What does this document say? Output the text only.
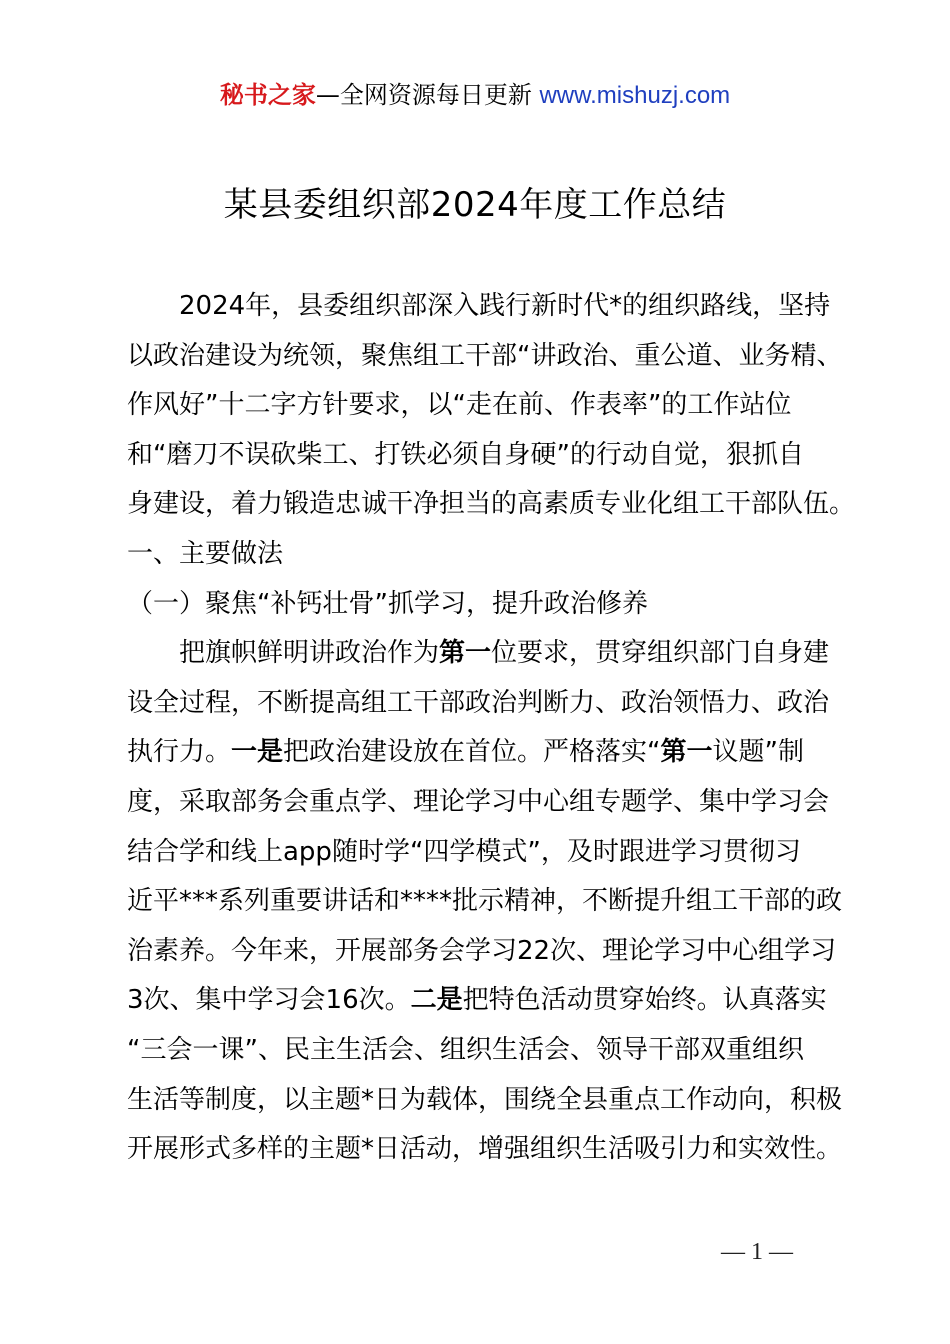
秘书之家—全网资源每日更新 www.mishuzj.com
某县委组织部2024年度工作总结

2024年，县委组织部深入践行新时代*的组织路线，坚持
以政治建设为统领，聚焦组工干部“讲政治、重公道、业务精、
作风好”十二字方针要求，以“走在前、作表率”的工作站位
和“磨刀不误砍柴工、打铁必须自身硬”的行动自觉，狠抓自
身建设，着力锻造忠诚干净担当的高素质专业化组工干部队伍。

一、主要做法

（一）聚焦“补钙壮骨”抓学习，提升政治修养

把旗帜鲜明讲政治作为第一位要求，贯穿组织部门自身建
设全过程，不断提高组工干部政治判断力、政治领悟力、政治
执行力。一是把政治建设放在首位。严格落实“第一议题”制
度，采取部务会重点学、理论学习中心组专题学、集中学习会
结合学和线上app随时学“四学模式”，及时跟进学习贯彻习
近平***系列重要讲话和****批示精神，不断提升组工干部的政
治素养。今年来，开展部务会学习22次、理论学习中心组学习
3次、集中学习会16次。二是把特色活动贯穿始终。认真落实
“三会一课”、民主生活会、组织生活会、领导干部双重组织
生活等制度，以主题*日为载体，围绕全县重点工作动向，积极
开展形式多样的主题*日活动，增强组织生活吸引力和实效性。

— 1 —
